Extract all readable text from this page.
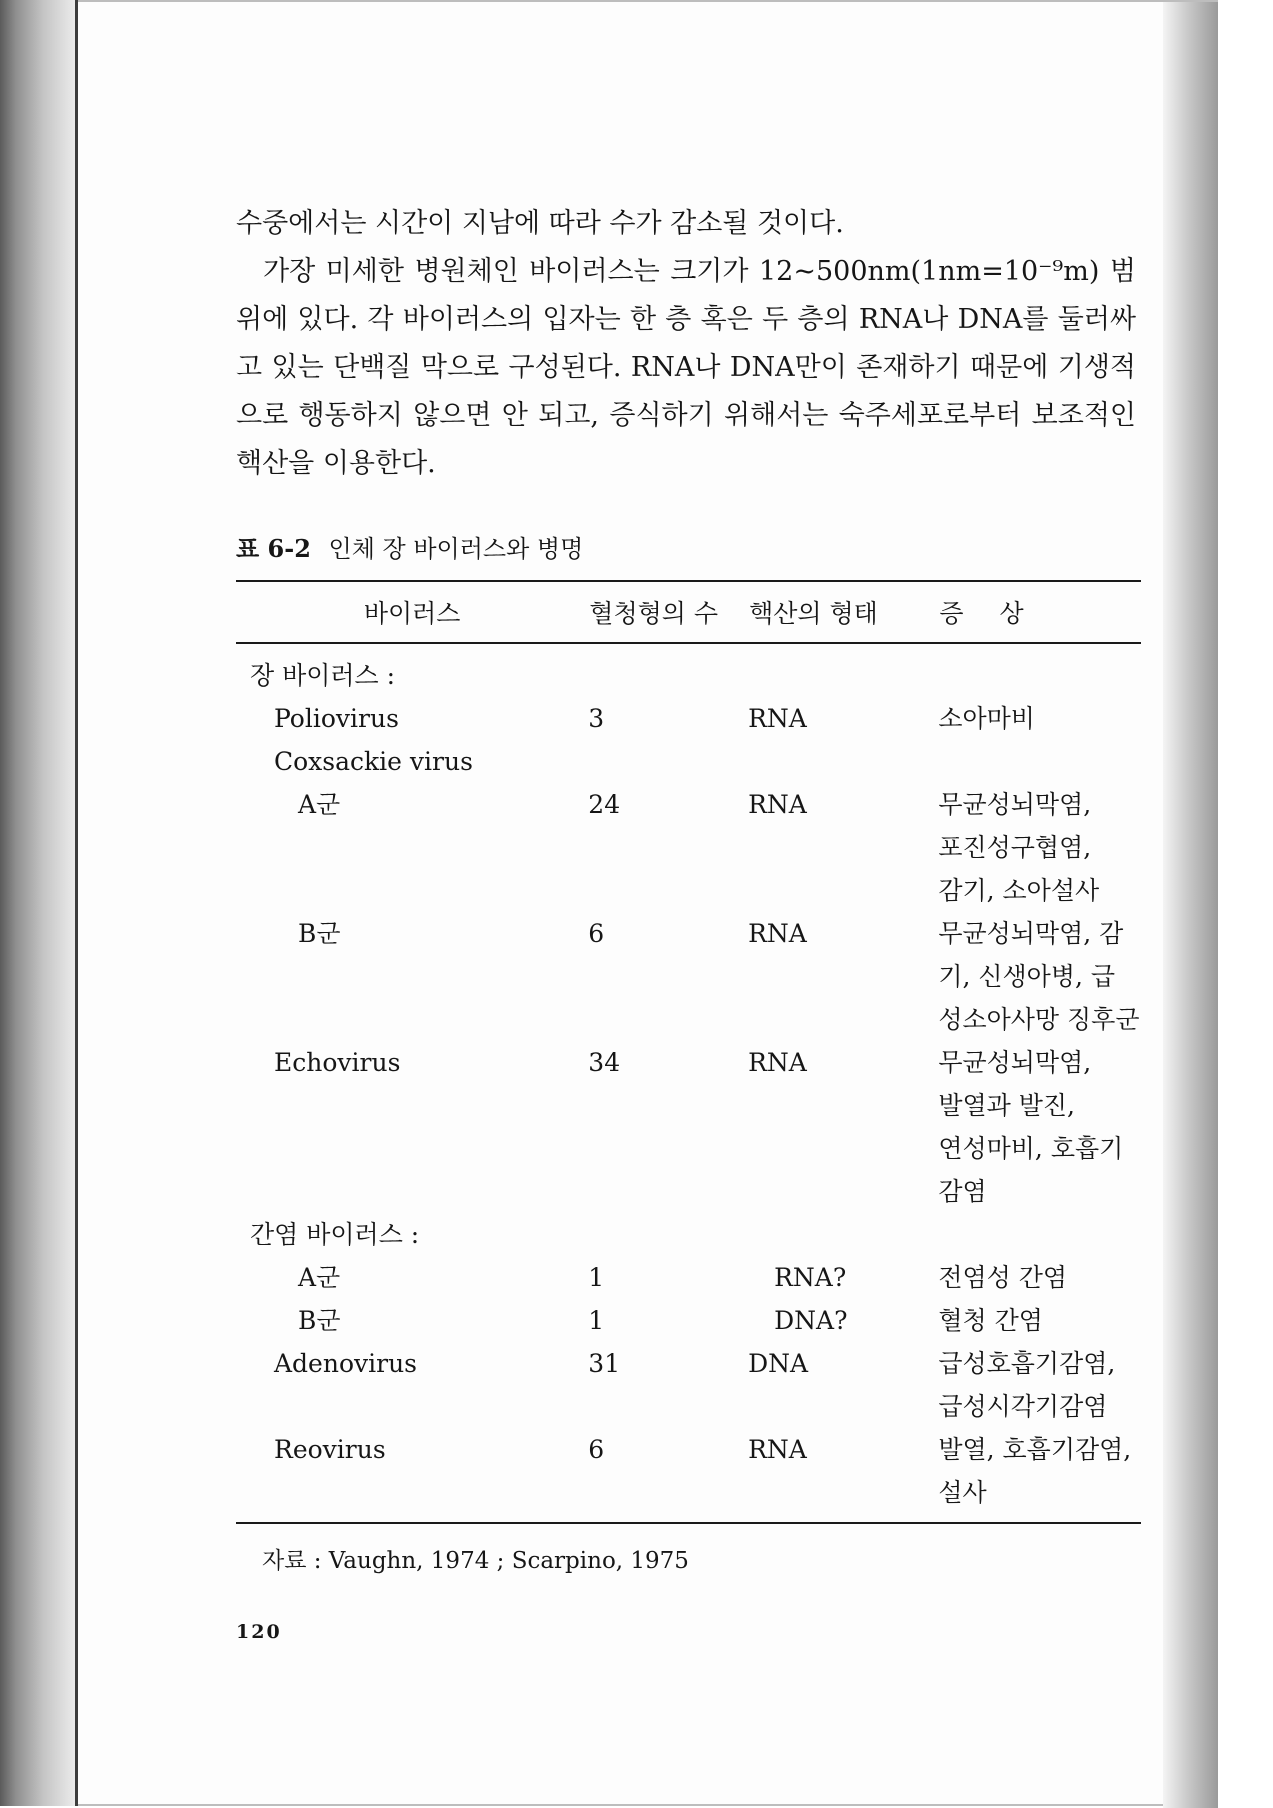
수중에서는 시간이 지남에 따라 수가 감소될 것이다.

가장 미세한 병원체인 바이러스는 크기가 12~500nm(1nm=10⁻⁹m) 범위에 있다. 각 바이러스의 입자는 한 층 혹은 두 층의 RNA나 DNA를 둘러싸고 있는 단백질 막으로 구성된다. RNA나 DNA만이 존재하기 때문에 기생적으로 행동하지 않으면 안 되고, 증식하기 위해서는 숙주세포로부터 보조적인 핵산을 이용한다.

표 6-2 인체 장 바이러스와 병명
바이러스	혈청형의 수	핵산의 형태	증상
장 바이러스 :			
Poliovirus	3	RNA	소아마비
Coxsackie virus			
A군	24	RNA	무균성뇌막염,
포진성구협염,
감기, 소아설사
B군	6	RNA	무균성뇌막염, 감
기, 신생아병, 급
성소아사망 징후군
Echovirus	34	RNA	무균성뇌막염,
발열과 발진,
연성마비, 호흡기
감염
간염 바이러스 :			
A군	1	RNA?	전염성 간염
B군	1	DNA?	혈청 간염
Adenovirus	31	DNA	급성호흡기감염,
급성시각기감염
Reovirus	6	RNA	발열, 호흡기감염,
설사

자료 : Vaughn, 1974 ; Scarpino, 1975
120
